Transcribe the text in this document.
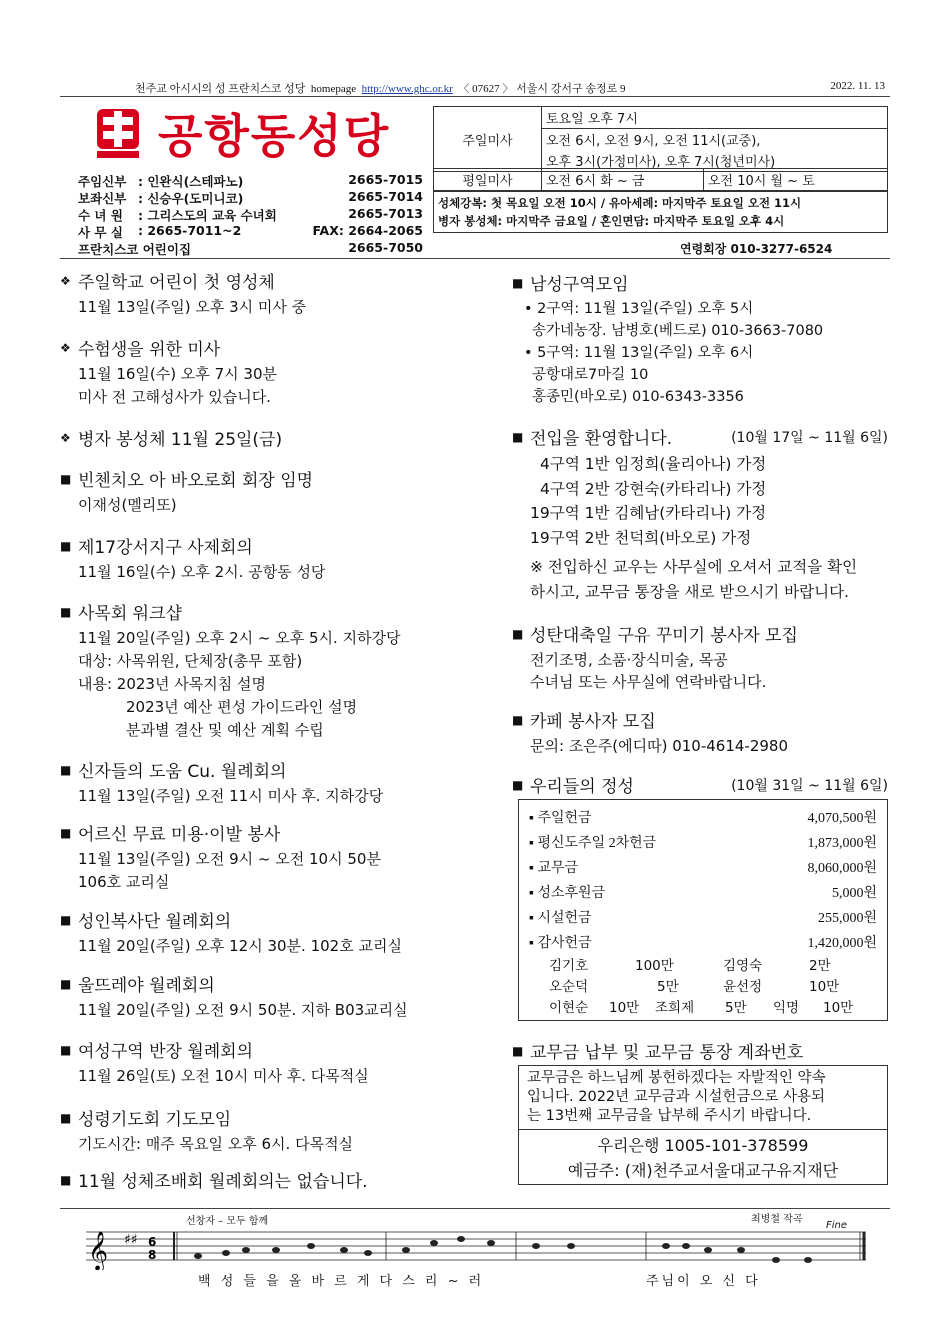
천주교 아시시의 성 프란치스코 성당 homepage http://www.ghc.or.kr 〈 07627 〉 서울시 강서구 송정로 9	2022. 11. 13
공항동성당
주임신부 : 인완식(스테파노)	2665-7015
보좌신부 : 신승우(도미니코)	2665-7014
수 녀 원	: 그리스도의 교육 수녀회	2665-7013
사 무 실	: 2665-7011~2	FAX: 2664-2065
프란치스코 어린이집	2665-7050
주일미사	토요일 오후 7시
오전 6시, 오전 9시, 오전 11시(교중),
오후 3시(가정미사), 오후 7시(청년미사)
평일미사	오전 6시 화 ~ 금	오전 10시 월 ~ 토
성체강복: 첫 목요일 오전 10시 / 유아세례: 마지막주 토요일 오전 11시
병자 봉성체: 마지막주 금요일 / 혼인면담: 마지막주 토요일 오후 4시
연령회장 010-3277-6524
❖ 주일학교 어린이 첫 영성체
11월 13일(주일) 오후 3시 미사 중
❖ 수험생을 위한 미사
11월 16일(수) 오후 7시 30분
미사 전 고해성사가 있습니다.
❖ 병자 봉성체 11월 25일(금)
■ 빈첸치오 아 바오로회 회장 임명
이재성(멜리또)
■ 제17강서지구 사제회의
11월 16일(수) 오후 2시. 공항동 성당
■ 사목회 워크샵
11월 20일(주일) 오후 2시 ~ 오후 5시. 지하강당
대상: 사목위원, 단체장(총무 포함)
내용: 2023년 사목지침 설명
2023년 예산 편성 가이드라인 설명
분과별 결산 및 예산 계획 수립
■ 신자들의 도움 Cu. 월례회의
11월 13일(주일) 오전 11시 미사 후. 지하강당
■ 어르신 무료 미용·이발 봉사
11월 13일(주일) 오전 9시 ~ 오전 10시 50분
106호 교리실
■ 성인복사단 월례회의
11월 20일(주일) 오후 12시 30분. 102호 교리실
■ 울뜨레야 월례회의
11월 20일(주일) 오전 9시 50분. 지하 B03교리실
■ 여성구역 반장 월례회의
11월 26일(토) 오전 10시 미사 후. 다목적실
■ 성령기도회 기도모임
기도시간: 매주 목요일 오후 6시. 다목적실
■ 11월 성체조배회 월례회의는 없습니다.
■ 남성구역모임
• 2구역: 11월 13일(주일) 오후 5시
송가네농장. 남병호(베드로) 010-3663-7080
• 5구역: 11월 13일(주일) 오후 6시
공항대로7마길 10
홍종민(바오로) 010-6343-3356
■ 전입을 환영합니다.	(10월 17일 ~ 11월 6일)
4구역 1반 임정희(율리아나) 가정
4구역 2반 강현숙(카타리나) 가정
19구역 1반 김혜남(카타리나) 가정
19구역 2반 천덕희(바오로) 가정
※ 전입하신 교우는 사무실에 오셔서 교적을 확인
하시고, 교무금 통장을 새로 받으시기 바랍니다.
■ 성탄대축일 구유 꾸미기 봉사자 모집
전기조명, 소품·장식미술, 목공
수녀님 또는 사무실에 연락바랍니다.
■ 카페 봉사자 모집
문의: 조은주(에디따) 010-4614-2980
■ 우리들의 정성	(10월 31일 ~ 11월 6일)
▪ 주일헌금	4,070,500원
▪ 평신도주일 2차헌금	1,873,000원
▪ 교무금	8,060,000원
▪ 성소후원금	5,000원
▪ 시설헌금	255,000원
▪ 감사헌금	1,420,000원
김기호	100만	김영숙	2만
오순덕	5만	윤선정	10만
이현순	10만	조희제	5만	익명	10만
■ 교무금 납부 및 교무금 통장 계좌번호
교무금은 하느님께 봉헌하겠다는 자발적인 약속
입니다. 2022년 교무금과 시설헌금으로 사용되
는 13번째 교무금을 납부해 주시기 바랍니다.
우리은행 1005-101-378599
예금주: (재)천주교서울대교구유지재단
선창자 – 모두 함께	최병철 작곡
Fine
𝄞 ♯♯ 6
8
백 성 들 을 올 바 르 게 다 스 리 ~ 러	주님이 오 신 다
